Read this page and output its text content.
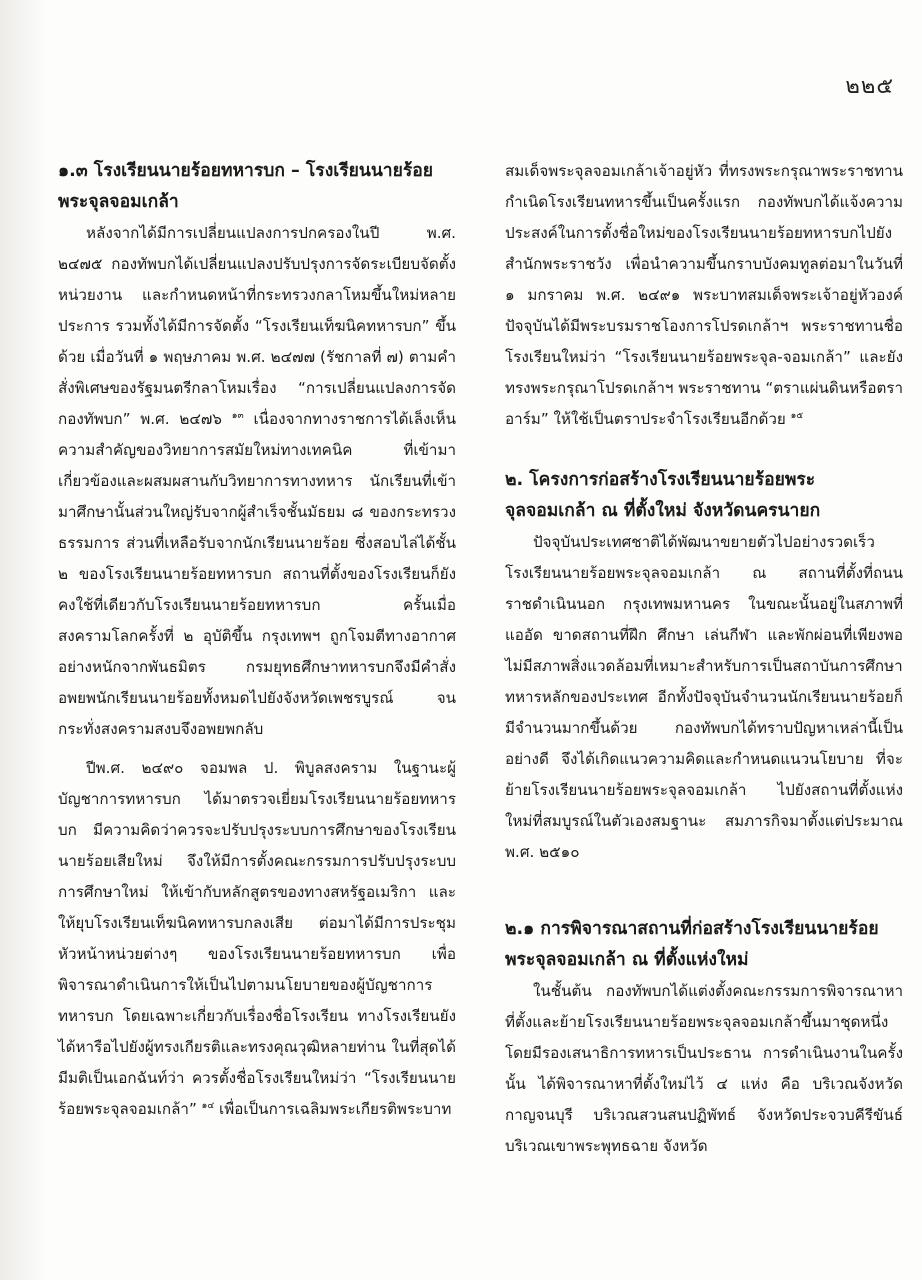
๒๒๕
๑.๓ โรงเรียนนายร้อยทหารบก – โรงเรียนนายร้อยพระจุลจอมเกล้า

หลังจากได้มีการเปลี่ยนแปลงการปกครองในปี พ.ศ. ๒๔๗๕ กองทัพบกได้เปลี่ยนแปลงปรับปรุงการจัดระเบียบจัดตั้งหน่วยงาน และกำหนดหน้าที่กระทรวงกลาโหมขึ้นใหม่หลายประการ รวมทั้งได้มีการจัดตั้ง “โรงเรียนเท็ฆนิคทหารบก” ขึ้นด้วย เมื่อวันที่ ๑ พฤษภาคม พ.ศ. ๒๔๗๗ (รัชกาลที่ ๗) ตามคำสั่งพิเศษของรัฐมนตรีกลาโหมเรื่อง “การเปลี่ยนแปลงการจัดกองทัพบก” พ.ศ. ๒๔๗๖ $^{๑๓}$ เนื่องจากทางราชการได้เล็งเห็นความสำคัญของวิทยาการสมัยใหม่ทางเทคนิค ที่เข้ามาเกี่ยวข้องและผสมผสานกับวิทยาการทางทหาร นักเรียนที่เข้ามาศึกษานั้นส่วนใหญ่รับจากผู้สำเร็จชั้นมัธยม ๘ ของกระทรวงธรรมการ ส่วนที่เหลือรับจากนักเรียนนายร้อย ซึ่งสอบไล่ได้ชั้น ๒ ของโรงเรียนนายร้อยทหารบก สถานที่ตั้งของโรงเรียนก็ยังคงใช้ที่เดียวกับโรงเรียนนายร้อยทหารบก ครั้นเมื่อสงครามโลกครั้งที่ ๒ อุบัติขึ้น กรุงเทพฯ ถูกโจมตีทางอากาศอย่างหนักจากพันธมิตร กรมยุทธศึกษาทหารบกจึงมีคำสั่งอพยพนักเรียนนายร้อยทั้งหมดไปยังจังหวัดเพชรบูรณ์ จนกระทั่งสงครามสงบจึงอพยพกลับ

ปีพ.ศ. ๒๔๙๐ จอมพล ป. พิบูลสงคราม ในฐานะผู้บัญชาการทหารบก ได้มาตรวจเยี่ยมโรงเรียนนายร้อยทหารบก มีความคิดว่าควรจะปรับปรุงระบบการศึกษาของโรงเรียนนายร้อยเสียใหม่ จึงให้มีการตั้งคณะกรรมการปรับปรุงระบบการศึกษาใหม่ ให้เข้ากับหลักสูตรของทางสหรัฐอเมริกา และให้ยุบโรงเรียนเท็ฆนิคทหารบกลงเสีย ต่อมาได้มีการประชุมหัวหน้าหน่วยต่างๆ ของโรงเรียนนายร้อยทหารบก เพื่อพิจารณาดำเนินการให้เป็นไปตามนโยบายของผู้บัญชาการทหารบก โดยเฉพาะเกี่ยวกับเรื่องชื่อโรงเรียน ทางโรงเรียนยังได้หารือไปยังผู้ทรงเกียรติและทรงคุณวุฒิหลายท่าน ในที่สุดได้มีมติเป็นเอกฉันท์ว่า ควรตั้งชื่อโรงเรียนใหม่ว่า “โรงเรียนนายร้อยพระจุลจอมเกล้า” $^{๑๔}$ เพื่อเป็นการเฉลิมพระเกียรติพระบาท

สมเด็จพระจุลจอมเกล้าเจ้าอยู่หัว ที่ทรงพระกรุณาพระราชทานกำเนิดโรงเรียนทหารขึ้นเป็นครั้งแรก กองทัพบกได้แจ้งความประสงค์ในการตั้งชื่อใหม่ของโรงเรียนนายร้อยทหารบกไปยังสำนักพระราชวัง เพื่อนำความขึ้นกราบบังคมทูลต่อมาในวันที่ ๑ มกราคม พ.ศ. ๒๔๙๑ พระบาทสมเด็จพระเจ้าอยู่หัวองค์ปัจจุบันได้มีพระบรมราชโองการโปรดเกล้าฯ พระราชทานชื่อโรงเรียนใหม่ว่า “โรงเรียนนายร้อยพระจุล-จอมเกล้า” และยังทรงพระกรุณาโปรดเกล้าฯ พระราชทาน “ตราแผ่นดินหรือตราอาร์ม” ให้ใช้เป็นตราประจำโรงเรียนอีกด้วย $^{๑๕}$

๒. โครงการก่อสร้างโรงเรียนนายร้อยพระจุลจอมเกล้า ณ ที่ตั้งใหม่ จังหวัดนครนายก

ปัจจุบันประเทศชาติได้พัฒนาขยายตัวไปอย่างรวดเร็ว โรงเรียนนายร้อยพระจุลจอมเกล้า ณ สถานที่ตั้งที่ถนนราชดำเนินนอก กรุงเทพมหานคร ในขณะนั้นอยู่ในสภาพที่แออัด ขาดสถานที่ฝึก ศึกษา เล่นกีฬา และพักผ่อนที่เพียงพอ ไม่มีสภาพสิ่งแวดล้อมที่เหมาะสำหรับการเป็นสถาบันการศึกษาทหารหลักของประเทศ อีกทั้งปัจจุบันจำนวนนักเรียนนายร้อยก็มีจำนวนมากขึ้นด้วย กองทัพบกได้ทราบปัญหาเหล่านี้เป็นอย่างดี จึงได้เกิดแนวความคิดและกำหนดแนวนโยบาย ที่จะย้ายโรงเรียนนายร้อยพระจุลจอมเกล้า ไปยังสถานที่ตั้งแห่งใหม่ที่สมบูรณ์ในตัวเองสมฐานะ สมภารกิจมาตั้งแต่ประมาณ พ.ศ. ๒๕๑๐

๒.๑ การพิจารณาสถานที่ก่อสร้างโรงเรียนนายร้อยพระจุลจอมเกล้า ณ ที่ตั้งแห่งใหม่

ในชั้นต้น กองทัพบกได้แต่งตั้งคณะกรรมการพิจารณาหาที่ตั้งและย้ายโรงเรียนนายร้อยพระจุลจอมเกล้าขึ้นมาชุดหนึ่ง โดยมีรองเสนาธิการทหารเป็นประธาน การดำเนินงานในครั้งนั้น ได้พิจารณาหาที่ตั้งใหม่ไว้ ๔ แห่ง คือ บริเวณจังหวัดกาญจนบุรี บริเวณสวนสนปฏิพัทธ์ จังหวัดประจวบคีรีขันธ์ บริเวณเขาพระพุทธฉาย จังหวัด
